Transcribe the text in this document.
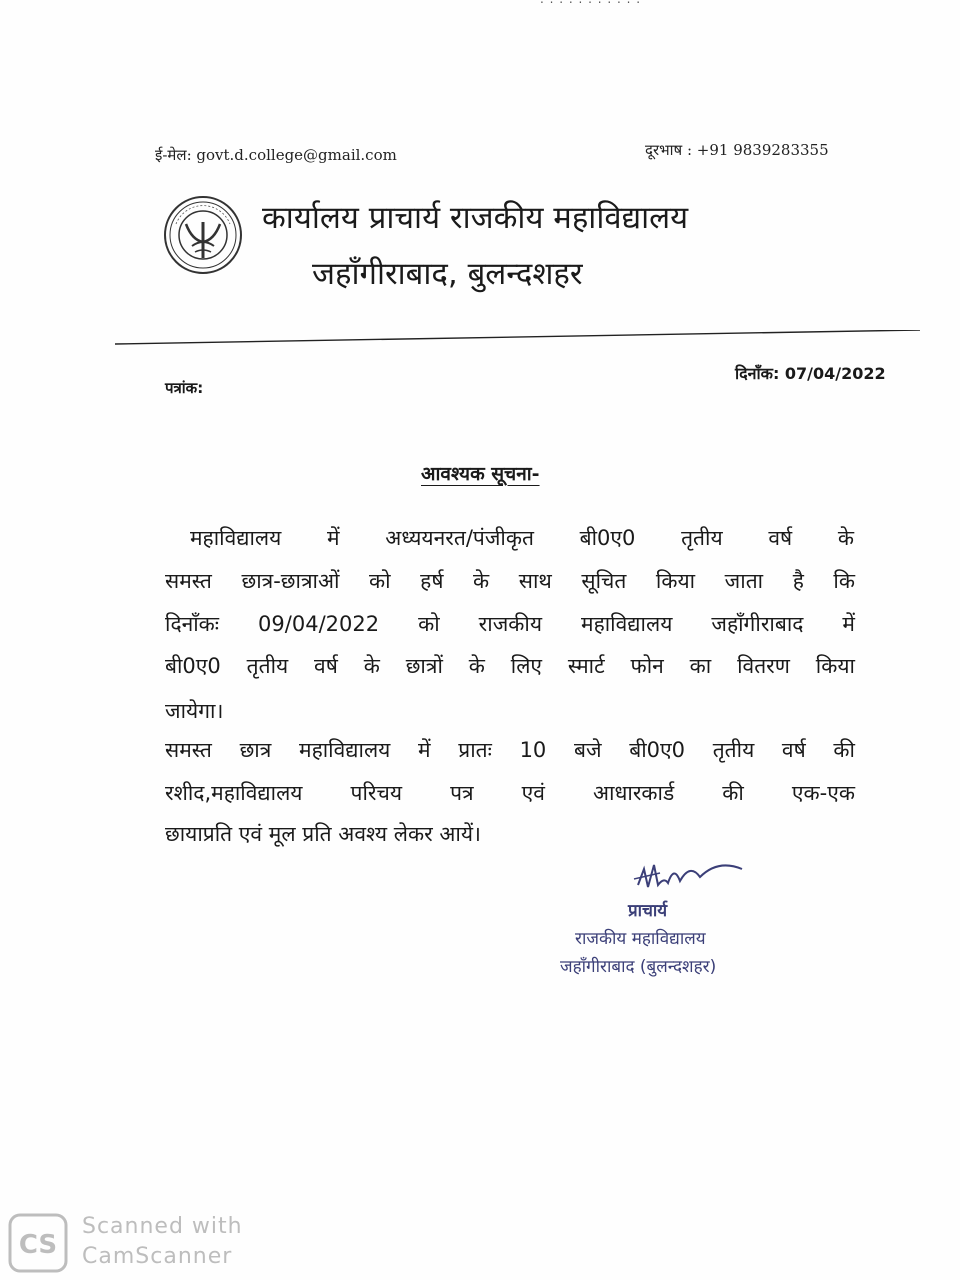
ई-मेल: govt.d.college@gmail.com	दूरभाष : +91 9839283355
कार्यालय प्राचार्य राजकीय महाविद्यालय
जहाँगीराबाद, बुलन्दशहर
पत्रांक:
दिनाँक: 07/04/2022
आवश्यक सूचना-
महाविद्यालय में अध्ययनरत/पंजीकृत बी0ए0 तृतीय वर्ष के
समस्त छात्र-छात्राओं को हर्ष के साथ सूचित किया जाता है कि
दिनाँकः 09/04/2022 को राजकीय महाविद्यालय जहाँगीराबाद में
बी0ए0 तृतीय वर्ष के छात्रों के लिए स्मार्ट फोन का वितरण किया
जायेगा।
समस्त छात्र महाविद्यालय में प्रातः 10 बजे बी0ए0 तृतीय वर्ष की
रशीद,महाविद्यालय परिचय पत्र एवं आधारकार्ड की एक-एक
छायाप्रति एवं मूल प्रति अवश्य लेकर आयें।
प्राचार्य
राजकीय महाविद्यालय
जहाँगीराबाद (बुलन्दशहर)
CS
Scanned with
CamScanner
